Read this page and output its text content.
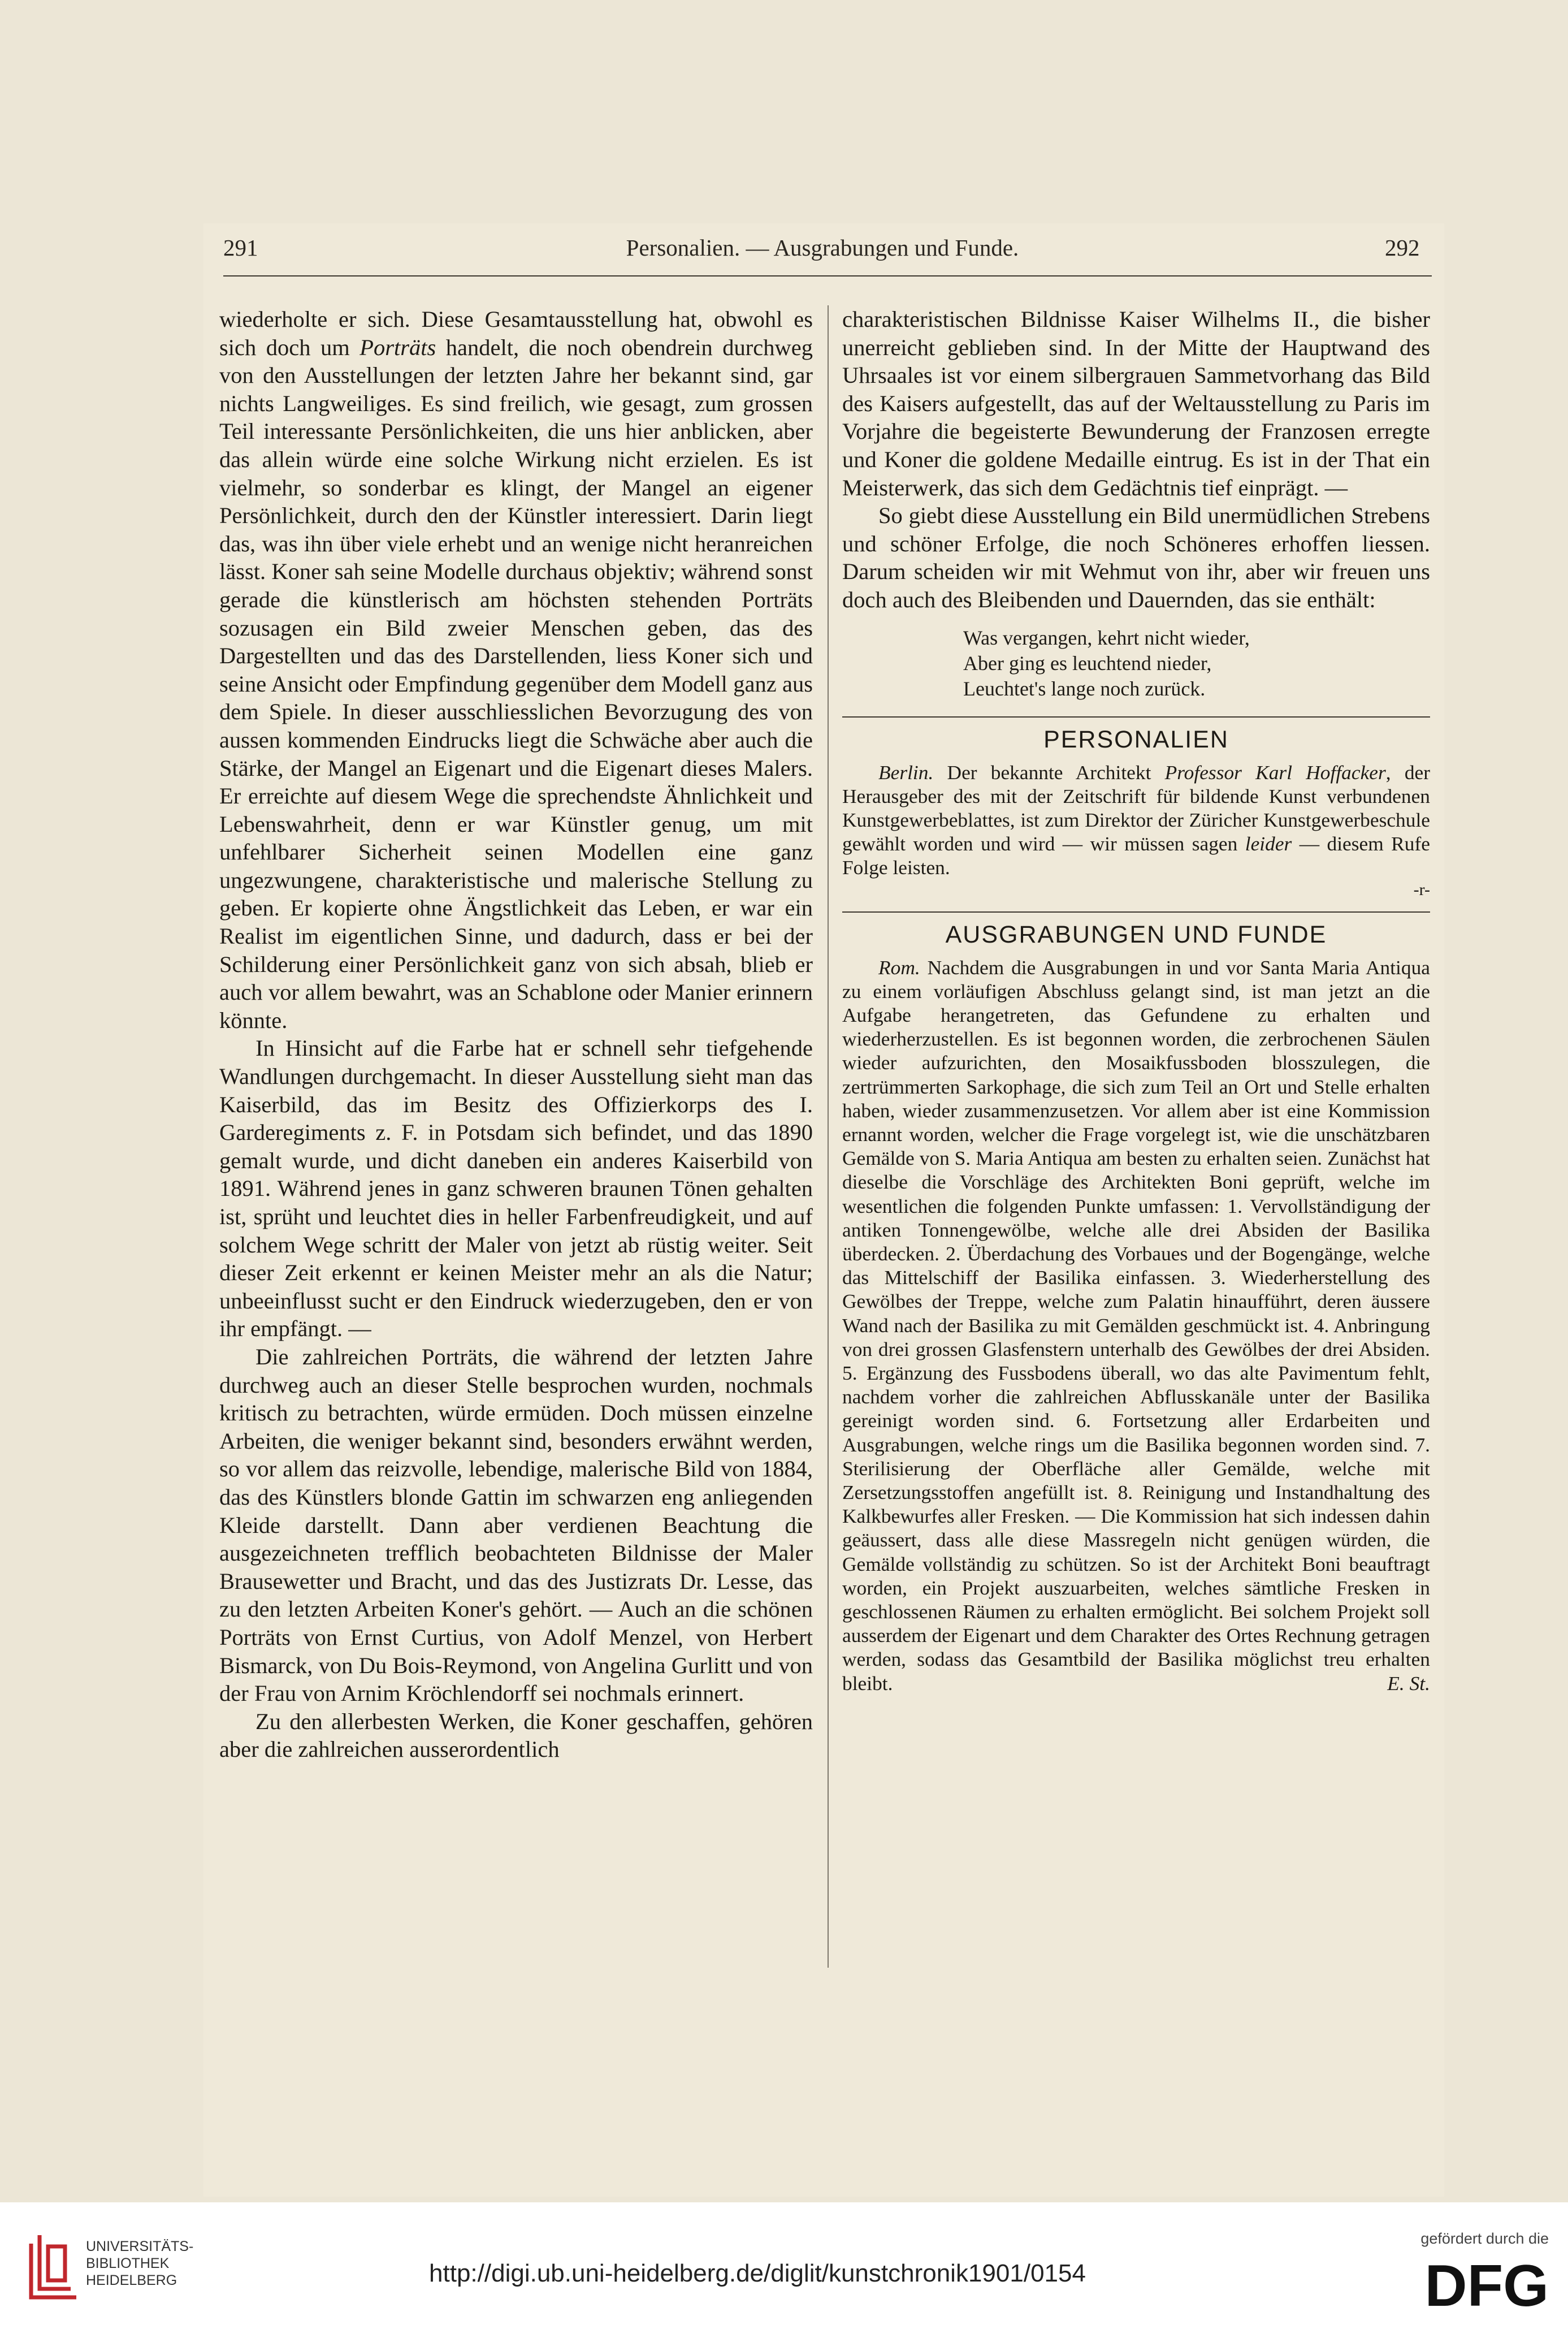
291	Personalien. — Ausgrabungen und Funde.	292

wiederholte er sich. Diese Gesamtausstellung hat, obwohl es sich doch um Porträts handelt, die noch obendrein durchweg von den Ausstellungen der letzten Jahre her bekannt sind, gar nichts Langweiliges. Es sind freilich, wie gesagt, zum grossen Teil interessante Persönlichkeiten, die uns hier anblicken, aber das allein würde eine solche Wirkung nicht erzielen. Es ist vielmehr, so sonderbar es klingt, der Mangel an eigener Persönlichkeit, durch den der Künstler interessiert. Darin liegt das, was ihn über viele erhebt und an wenige nicht heranreichen lässt. Koner sah seine Modelle durchaus objektiv; während sonst gerade die künstlerisch am höchsten stehenden Porträts sozusagen ein Bild zweier Menschen geben, das des Dargestellten und das des Darstellenden, liess Koner sich und seine Ansicht oder Empfindung gegenüber dem Modell ganz aus dem Spiele. In dieser ausschliesslichen Bevorzugung des von aussen kommenden Eindrucks liegt die Schwäche aber auch die Stärke, der Mangel an Eigenart und die Eigenart dieses Malers. Er erreichte auf diesem Wege die sprechendste Ähnlichkeit und Lebenswahrheit, denn er war Künstler genug, um mit unfehlbarer Sicherheit seinen Modellen eine ganz ungezwungene, charakteristische und malerische Stellung zu geben. Er kopierte ohne Ängstlichkeit das Leben, er war ein Realist im eigentlichen Sinne, und dadurch, dass er bei der Schilderung einer Persönlichkeit ganz von sich absah, blieb er auch vor allem bewahrt, was an Schablone oder Manier erinnern könnte.

In Hinsicht auf die Farbe hat er schnell sehr tiefgehende Wandlungen durchgemacht. In dieser Ausstellung sieht man das Kaiserbild, das im Besitz des Offizierkorps des I. Garderegiments z. F. in Potsdam sich befindet, und das 1890 gemalt wurde, und dicht daneben ein anderes Kaiserbild von 1891. Während jenes in ganz schweren braunen Tönen gehalten ist, sprüht und leuchtet dies in heller Farbenfreudigkeit, und auf solchem Wege schritt der Maler von jetzt ab rüstig weiter. Seit dieser Zeit erkennt er keinen Meister mehr an als die Natur; unbeeinflusst sucht er den Eindruck wiederzugeben, den er von ihr empfängt. —

Die zahlreichen Porträts, die während der letzten Jahre durchweg auch an dieser Stelle besprochen wurden, nochmals kritisch zu betrachten, würde ermüden. Doch müssen einzelne Arbeiten, die weniger bekannt sind, besonders erwähnt werden, so vor allem das reizvolle, lebendige, malerische Bild von 1884, das des Künstlers blonde Gattin im schwarzen eng anliegenden Kleide darstellt. Dann aber verdienen Beachtung die ausgezeichneten trefflich beobachteten Bildnisse der Maler Brausewetter und Bracht, und das des Justizrats Dr. Lesse, das zu den letzten Arbeiten Koner's gehört. — Auch an die schönen Porträts von Ernst Curtius, von Adolf Menzel, von Herbert Bismarck, von Du Bois-Reymond, von Angelina Gurlitt und von der Frau von Arnim Kröchlendorff sei nochmals erinnert.

Zu den allerbesten Werken, die Koner geschaffen, gehören aber die zahlreichen ausserordentlich

charakteristischen Bildnisse Kaiser Wilhelms II., die bisher unerreicht geblieben sind. In der Mitte der Hauptwand des Uhrsaales ist vor einem silbergrauen Sammetvorhang das Bild des Kaisers aufgestellt, das auf der Weltausstellung zu Paris im Vorjahre die begeisterte Bewunderung der Franzosen erregte und Koner die goldene Medaille eintrug. Es ist in der That ein Meisterwerk, das sich dem Gedächtnis tief einprägt. —

So giebt diese Ausstellung ein Bild unermüdlichen Strebens und schöner Erfolge, die noch Schöneres erhoffen liessen. Darum scheiden wir mit Wehmut von ihr, aber wir freuen uns doch auch des Bleibenden und Dauernden, das sie enthält:

Was vergangen, kehrt nicht wieder,
Aber ging es leuchtend nieder,
Leuchtet's lange noch zurück.
PERSONALIEN

Berlin. Der bekannte Architekt Professor Karl Hoffacker, der Herausgeber des mit der Zeitschrift für bildende Kunst verbundenen Kunstgewerbeblattes, ist zum Direktor der Züricher Kunstgewerbeschule gewählt worden und wird — wir müssen sagen leider — diesem Rufe Folge leisten.

-r-
AUSGRABUNGEN UND FUNDE

Rom. Nachdem die Ausgrabungen in und vor Santa Maria Antiqua zu einem vorläufigen Abschluss gelangt sind, ist man jetzt an die Aufgabe herangetreten, das Gefundene zu erhalten und wiederherzustellen. Es ist begonnen worden, die zerbrochenen Säulen wieder aufzurichten, den Mosaikfussboden blosszulegen, die zertrümmerten Sarkophage, die sich zum Teil an Ort und Stelle erhalten haben, wieder zusammenzusetzen. Vor allem aber ist eine Kommission ernannt worden, welcher die Frage vorgelegt ist, wie die unschätzbaren Gemälde von S. Maria Antiqua am besten zu erhalten seien. Zunächst hat dieselbe die Vorschläge des Architekten Boni geprüft, welche im wesentlichen die folgenden Punkte umfassen: 1. Vervollständigung der antiken Tonnengewölbe, welche alle drei Absiden der Basilika überdecken. 2. Überdachung des Vorbaues und der Bogengänge, welche das Mittelschiff der Basilika einfassen. 3. Wiederherstellung des Gewölbes der Treppe, welche zum Palatin hinaufführt, deren äussere Wand nach der Basilika zu mit Gemälden geschmückt ist. 4. Anbringung von drei grossen Glasfenstern unterhalb des Gewölbes der drei Absiden. 5. Ergänzung des Fussbodens überall, wo das alte Pavimentum fehlt, nachdem vorher die zahlreichen Abflusskanäle unter der Basilika gereinigt worden sind. 6. Fortsetzung aller Erdarbeiten und Ausgrabungen, welche rings um die Basilika begonnen worden sind. 7. Sterilisierung der Oberfläche aller Gemälde, welche mit Zersetzungsstoffen angefüllt ist. 8. Reinigung und Instandhaltung des Kalkbewurfes aller Fresken. — Die Kommission hat sich indessen dahin geäussert, dass alle diese Massregeln nicht genügen würden, die Gemälde vollständig zu schützen. So ist der Architekt Boni beauftragt worden, ein Projekt auszuarbeiten, welches sämtliche Fresken in geschlossenen Räumen zu erhalten ermöglicht. Bei solchem Projekt soll ausserdem der Eigenart und dem Charakter des Ortes Rechnung getragen werden, sodass das Gesamtbild der Basilika möglichst treu erhalten bleibt.	E. St.

UNIVERSITÄTS-
BIBLIOTHEK
HEIDELBERG	http://digi.ub.uni-heidelberg.de/diglit/kunstchronik1901/0154
gefördert durch die
DFG
